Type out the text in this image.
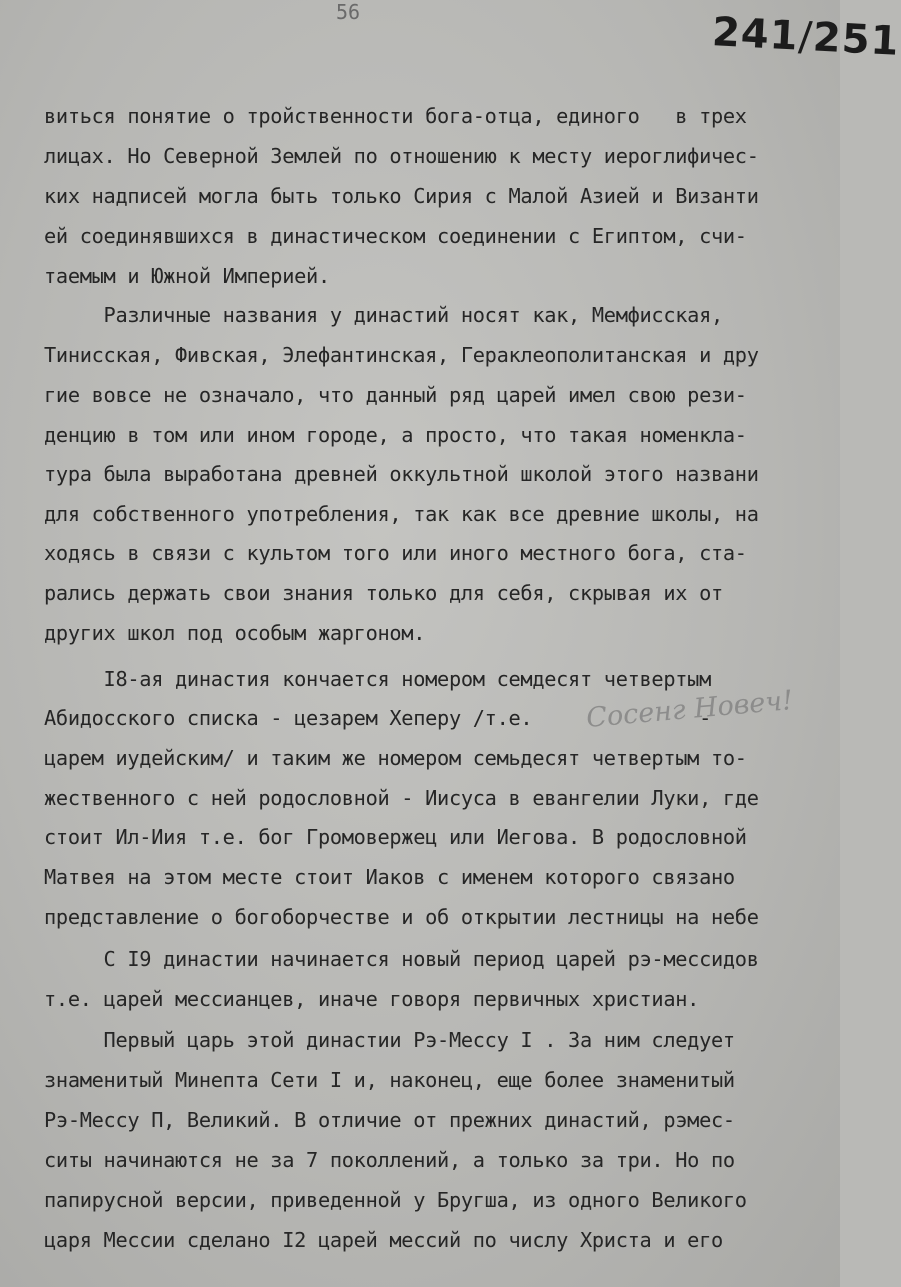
56	241/251
виться понятие о тройственности бога-отца, единого   в трех
лицах. Но Северной Землей по отношению к месту иероглифичес-
ких надписей могла быть только Сирия с Малой Азией и Византи
ей соединявшихся в династическом соединении с Египтом, счи-
таемым и Южной Империей.
Различные названия у династий носят как, Мемфисская,
Тинисская, Фивская, Элефантинская, Гераклеополитанская и дру
гие вовсе не означало, что данный ряд царей имел свою рези-
денцию в том или ином городе, а просто, что такая номенкла-
тура была выработана древней оккультной школой этого названи
для собственного употребления, так как все древние школы, на
ходясь в связи с культом того или иного местного бога, ста-
рались держать свои знания только для себя, скрывая их от
других школ под особым жаргоном.
I8-ая династия кончается номером семдесят четвертым
Абидосского списка - цезарем Хеперу /т.е.              -
царем иудейским/ и таким же номером семьдесят четвертым то-
жественного с ней родословной - Иисуса в евангелии Луки, где
стоит Ил-Иия т.е. бог Громовержец или Иегова. В родословной
Матвея на этом месте стоит Иаков с именем которого связано
представление о богоборчестве и об открытии лестницы на небе
С I9 династии начинается новый период царей рэ-мессидов
т.е. царей мессианцев, иначе говоря первичных христиан.
Первый царь этой династии Рэ-Мессу I . За ним следует
знаменитый Минепта Сети I и, наконец, еще более знаменитый
Рэ-Мессу П, Великий. В отличие от прежних династий, рэмес-
ситы начинаются не за 7 поколлений, а только за три. Но по
папирусной версии, приведенной у Бругша, из одного Великого
царя Мессии сделано I2 царей мессий по числу Христа и его
Сосенг Новеч!
